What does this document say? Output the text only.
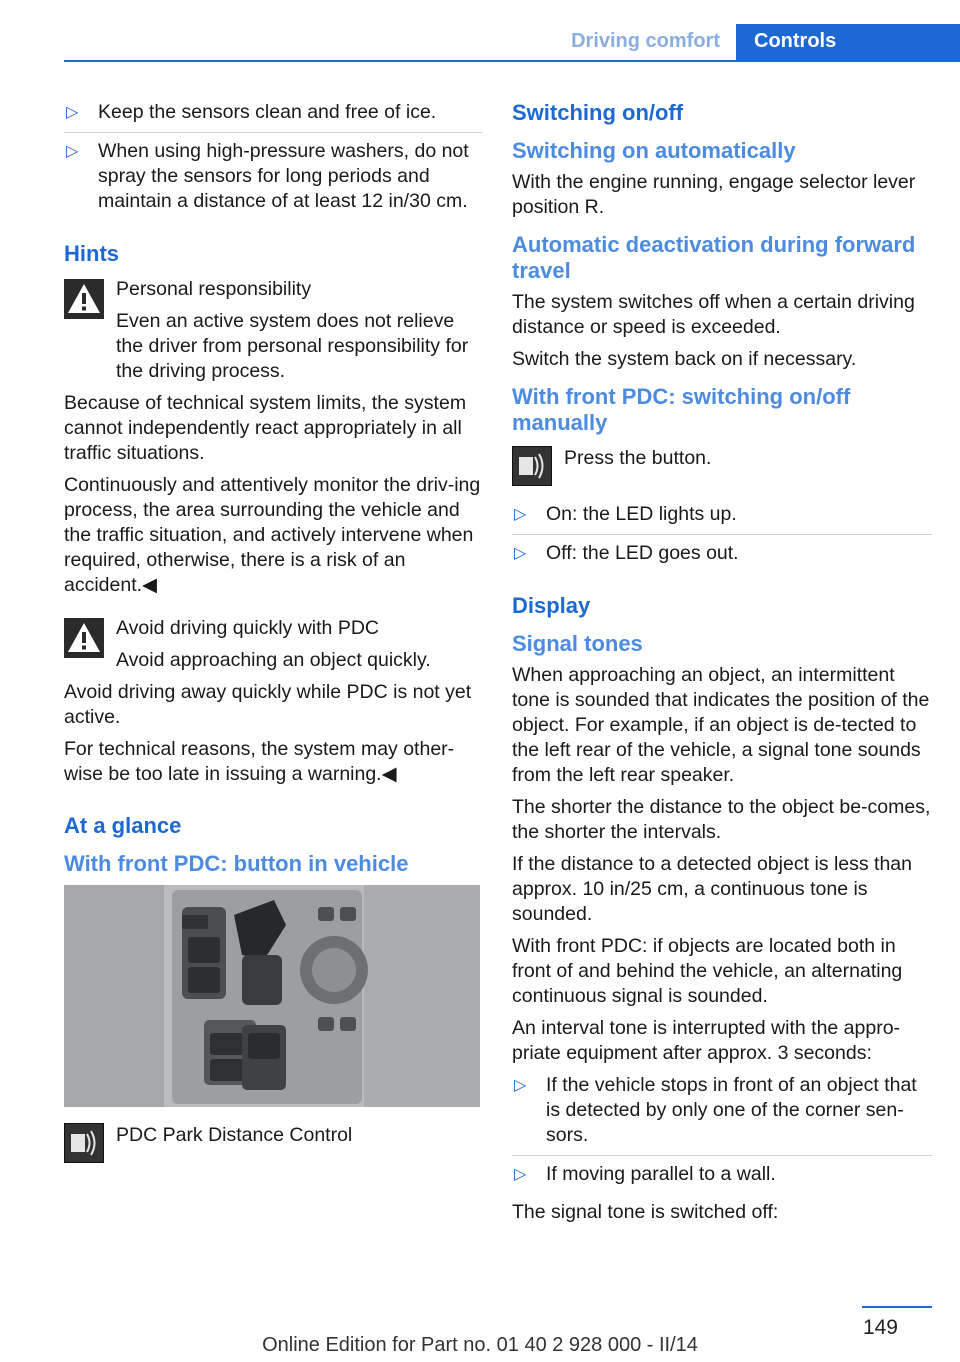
Driving comfort	Controls
▷ Keep the sensors clean and free of ice.
▷ When using high-pressure washers, do not spray the sensors for long periods and maintain a distance of at least 12 in/30 cm.
Hints

Personal responsibility

Even an active system does not relieve the driver from personal responsibility for the driving process.

Because of technical system limits, the system cannot independently react appropriately in all traffic situations.

Continuously and attentively monitor the driv-ing process, the area surrounding the vehicle and the traffic situation, and actively intervene when required, otherwise, there is a risk of an accident.◀

Avoid driving quickly with PDC

Avoid approaching an object quickly.

Avoid driving away quickly while PDC is not yet active.

For technical reasons, the system may other-wise be too late in issuing a warning.◀

At a glance
With front PDC: button in vehicle

PDC Park Distance Control

Switching on/off
Switching on automatically

With the engine running, engage selector lever position R.

Automatic deactivation during forward travel

The system switches off when a certain driving distance or speed is exceeded.

Switch the system back on if necessary.

With front PDC: switching on/off manually

Press the button.

▷ On: the LED lights up.
▷ Off: the LED goes out.
Display
Signal tones

When approaching an object, an intermittent tone is sounded that indicates the position of the object. For example, if an object is de-tected to the left rear of the vehicle, a signal tone sounds from the left rear speaker.

The shorter the distance to the object be-comes, the shorter the intervals.

If the distance to a detected object is less than approx. 10 in/25 cm, a continuous tone is sounded.

With front PDC: if objects are located both in front of and behind the vehicle, an alternating continuous signal is sounded.

An interval tone is interrupted with the appro-priate equipment after approx. 3 seconds:

▷ If the vehicle stops in front of an object that is detected by only one of the corner sen-sors.
▷ If moving parallel to a wall.

The signal tone is switched off:

149
Online Edition for Part no. 01 40 2 928 000 - II/14
